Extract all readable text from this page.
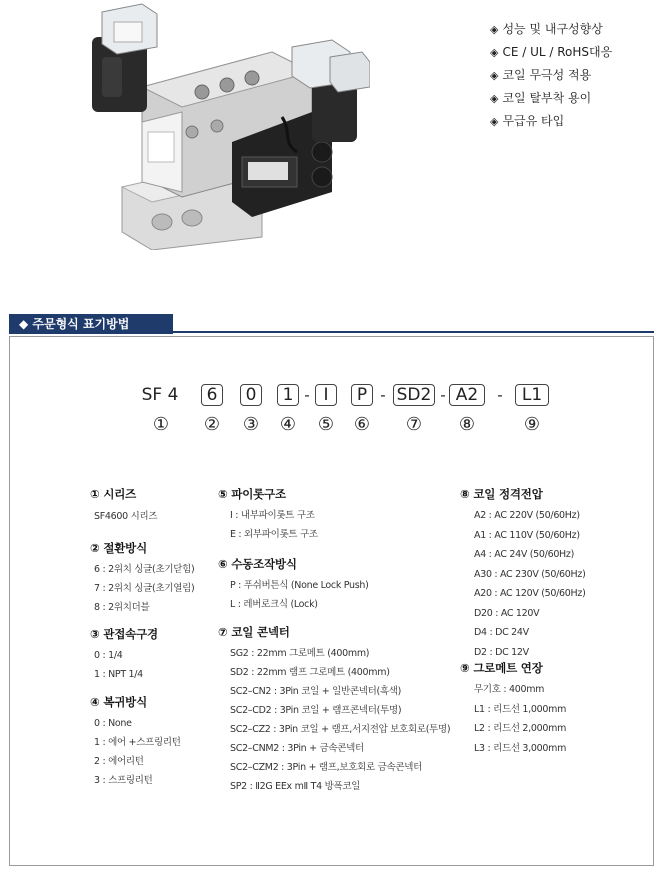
◈ 성능 및 내구성향상
◈ CE / UL / RoHS대응
◈ 코일 무극성 적용
◈ 코일 탈부착 용이
◈ 무급유 타입
◆ 주문형식 표기방법
SF 4	6	0	1 - I	P - SD2 - A2	-	L1
① ② ③ ④ ⑤ ⑥ ⑦ ⑧	⑨
① 시리즈
SF4600 시리즈
② 절환방식
6 : 2위치 싱글(초기닫힘)
7 : 2위치 싱글(초기열림)
8 : 2위치더블
③ 관접속구경
0 : 1/4
1 : NPT 1/4
④ 복귀방식
0 : None
1 : 에어 +스프링리턴
2 : 에어리턴
3 : 스프링리턴
⑤ 파이롯구조
I : 내부파이롯트 구조
E : 외부파이롯트 구조
⑥ 수동조작방식
P : 푸쉬버튼식 (None Lock Push)
L : 레버로크식 (Lock)
⑦ 코일 콘넥터
SG2 : 22mm 그로메트 (400mm)
SD2 : 22mm 램프 그로메트 (400mm)
SC2–CN2 : 3Pin 코일 + 일반콘넥터(흑색)
SC2–CD2 : 3Pin 코일 + 램프콘넥터(투명)
SC2–CZ2 : 3Pin 코일 + 램프,서지전압 보호회로(투명)
SC2–CNM2 : 3Pin + 금속콘넥터
SC2–CZM2 : 3Pin + 램프,보호회로 금속콘넥터
SP2 : Ⅱ2G EEx mⅡ T4 방폭코일
⑧ 코일 정격전압
A2 : AC 220V (50/60Hz)
A1 : AC 110V (50/60Hz)
A4 : AC 24V (50/60Hz)
A30 : AC 230V (50/60Hz)
A20 : AC 120V (50/60Hz)
D20 : AC 120V
D4 : DC 24V
D2 : DC 12V
⑨ 그로메트 연장
무기호 : 400mm
L1 : 리드선 1,000mm
L2 : 리드선 2,000mm
L3 : 리드선 3,000mm
